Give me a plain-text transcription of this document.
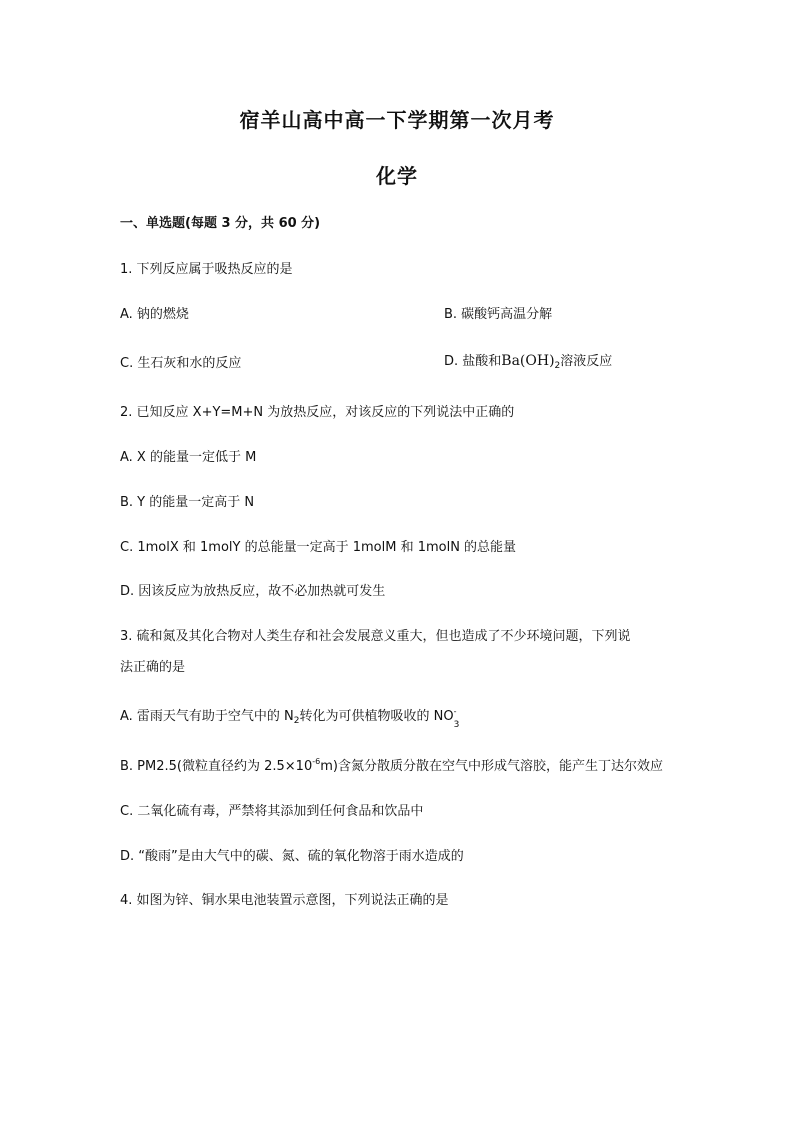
宿羊山高中高一下学期第一次月考
化学
一、单选题(每题 3 分，共 60 分)
1. 下列反应属于吸热反应的是
A. 钠的燃烧	B. 碳酸钙高温分解
C. 生石灰和水的反应	D. 盐酸和$Ba(OH)_2$溶液反应
2. 已知反应 X+Y=M+N 为放热反应，对该反应的下列说法中正确的
A. X 的能量一定低于 M
B. Y 的能量一定高于 N
C. 1molX 和 1molY 的总能量一定高于 1molM 和 1molN 的总能量
D. 因该反应为放热反应，故不必加热就可发生
3. 硫和氮及其化合物对人类生存和社会发展意义重大，但也造成了不少环境问题，下列说
法正确的是
A. 雷雨天气有助于空气中的 $N_2$转化为可供植物吸收的 NO -
3
B. PM2.5(微粒直径约为 $2.5\times 10^{-6}m$)含氮分散质分散在空气中形成气溶胶，能产生丁达尔效应
C. 二氧化硫有毒，严禁将其添加到任何食品和饮品中
D. “酸雨”是由大气中的碳、氮、硫的氧化物溶于雨水造成的
4. 如图为锌、铜水果电池装置示意图，下列说法正确的是
